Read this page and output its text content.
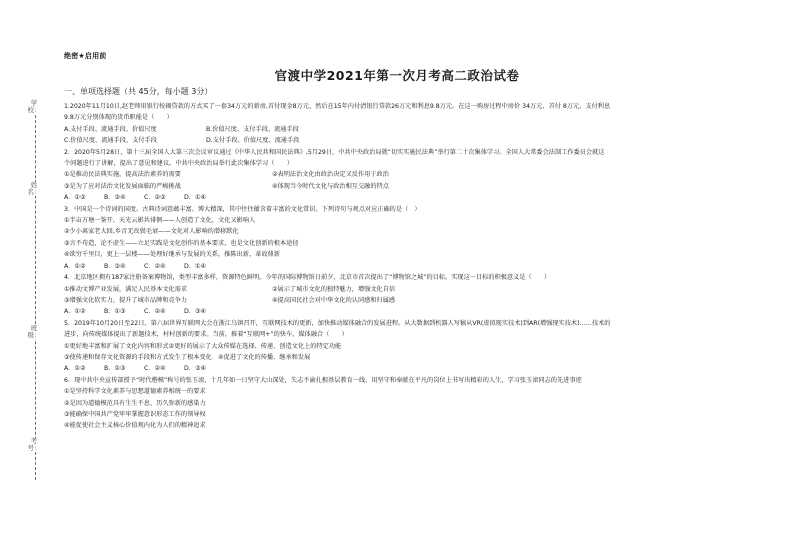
学校：
姓名：
班级：
考号：
绝密★启用前
官渡中学2021年第一次月考高二政治试卷
一、单项选择题（共 45分，每小题 3分）
1.2020年11月10日,赵老师用银行按揭贷款的方式买了一套34万元的新房,首付现金8万元，然后在15年内付清银行贷款26万元和利息9.8万元。在这一购房过程中房价 34万元、首付 8万元、支付利息
9.8万元分别体现的货币职能是（　　）
A.支付手段、流通手段、价值尺度	B.价值尺度、支付手段、流通手段
C.价值尺度、流通手段、支付手段	D.支付手段、价值尺度、流通手段
2．2020年5月28日，第十三届全国人大第三次会议审议通过《中华人民共和国民法典》,5月29日，中共中央政治局就“切实实施民法典”举行第二十次集体学习。全国人大常委会法制工作委员会就这
个问题进行了讲解，提出了意见和建议。中共中央政治局举行此次集体学习（　　）
①是推动民法典实施，提高法治素养的需要	②表明法治文化由政治决定又反作用于政治
③是为了应对法治文化发展面临的严峻挑战	④体现当今时代文化与政治相互交融的特点
A．①③	B．③④	C．②③	D．①④
3．中国是一个诗词的国度。古典诗词意蕴丰富、博大精深，其中往往蕴含着丰富的文化常识。下列诗句与观点对应正确的是（　）
①半亩方塘一鉴开，天光云影共徘徊——人创造了文化，文化又影响人
②少小离家老大回,乡音无改鬓毛衰——文化对人影响的潜移默化
③言不苟造，论不虚生——立足实践是文化创作的基本要求，也是文化创新的根本途径
④欲穷千里目，更上一层楼——处理好继承与发展的关系，推陈出新，革故鼎新
A．①②	B．③④	C．②④	D．①④
4．北京地区拥有187家注册备案博物馆，类型丰富多样，资源特色鲜明。今年的国际博物馆日前夕，北京市首次提出了“博物馆之城”的目标。实现这一目标的积极意义是（　　）
①推动文博产业发展，满足人民基本文化需求	②展示了城市文化的独特魅力，增强文化自信
③增强文化软实力，提升了城市品牌和竞争力	④提高国民社会对中华文化的认同感和归属感
A．①②	B．①③	C．②④	D．③④
5．2019年10月20日至22日，第六届世界互联网大会在浙江乌镇召开，互联网技术的更新，加快推动媒体融合的发展进程。从大数据到机器人写稿从VR(虚拟现实技术)到AR(增强现实技术)……技术的
进步，向传统媒体提出了新题技术，村村创新的要求。当前，推着“互联网+”的快车，媒体融合（　　）
①更好地丰富和扩展了文化内容和形式②更好的展示了大众传媒在选择、传递、创造文化上的特定功能
③使传递和保存文化资源的手段和方式发生了根本变化　④促进了文化的传播、继承和发展
A．①②	B．①③	C．②④	D．③④
6．现中共中央宣传部授予“时代楷模”称号的张玉滚，十几年如一日坚守大山深处，失志不渝扎根基层教育一线，用坚守和奉献在平凡的岗位上书写出精彩的人生，学习张玉滚同志的先进事迹
①是坚持科学文化素养与思想道德素养相统一的要求
②是因为道德模范具有生生不息、历久弥新的感染力
③能确保中国共产党牢牢掌握意识形态工作的领导权
④能促使社会主义核心价值观内化为人们的精神追求
